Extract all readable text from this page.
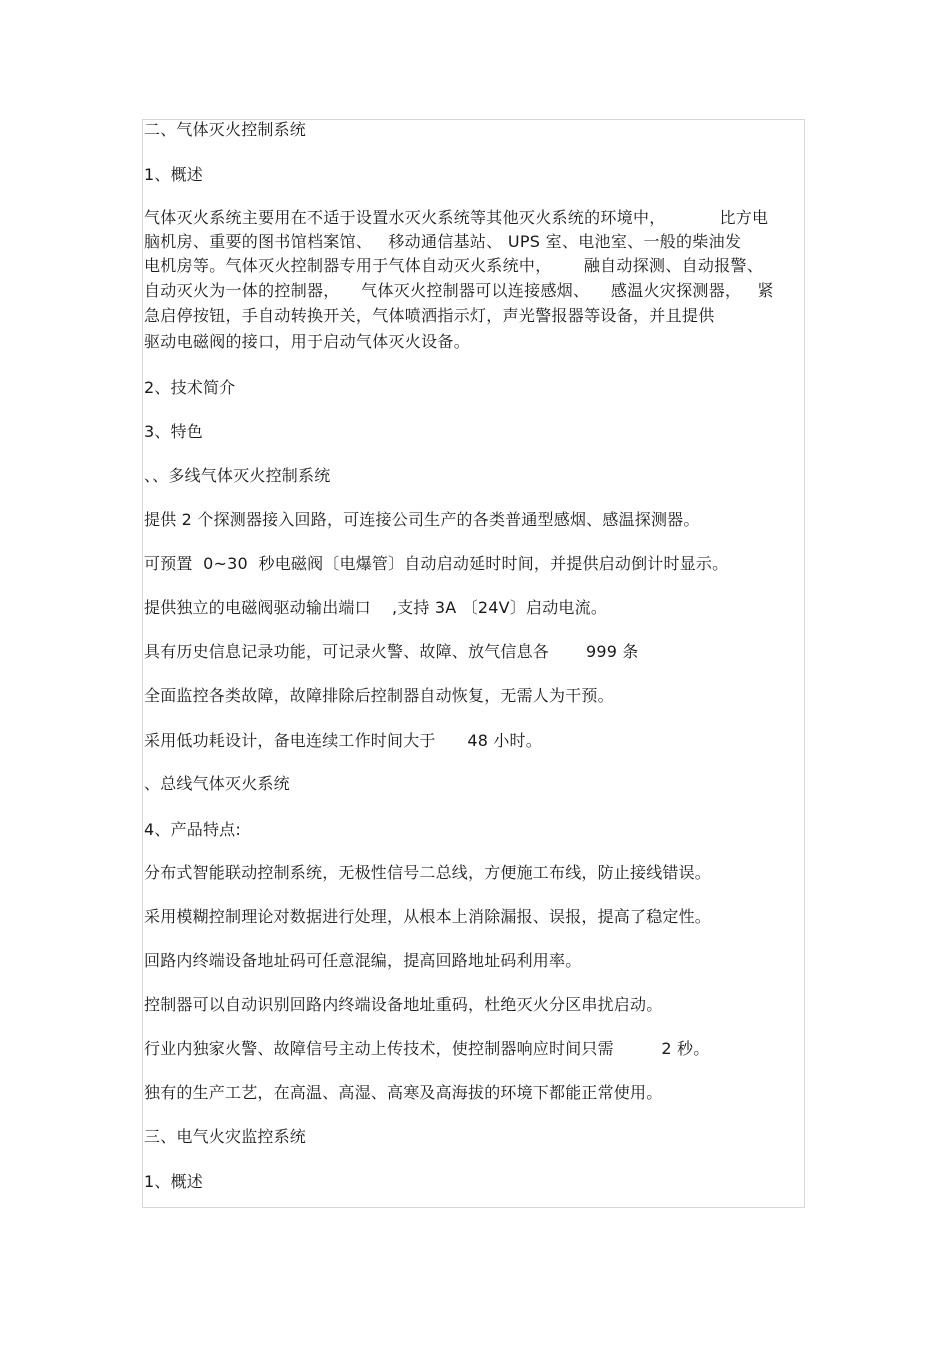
二、气体灭火控制系统
1、概述
气体灭火系统主要用在不适于设置水灭火系统等其他灭火系统的环境中，          比方电
脑机房、重要的图书馆档案馆、   移动通信基站、 UPS 室、电池室、一般的柴油发
电机房等。气体灭火控制器专用于气体自动灭火系统中，      融自动探测、自动报警、
自动灭火为一体的控制器，    气体灭火控制器可以连接感烟、    感温火灾探测器，   紧
急启停按钮，手自动转换开关，气体喷洒指示灯，声光警报器等设备，并且提供
驱动电磁阀的接口，用于启动气体灭火设备。
2、技术简介
3、特色
、、多线气体灭火控制系统
提供 2 个探测器接入回路，可连接公司生产的各类普通型感烟、感温探测器。
可预置  0~30  秒电磁阀〔电爆管〕自动启动延时时间，并提供启动倒计时显示。
提供独立的电磁阀驱动输出端口    ,支持 3A 〔24V〕启动电流。
具有历史信息记录功能，可记录火警、故障、放气信息各       999 条
全面监控各类故障，故障排除后控制器自动恢复，无需人为干预。
采用低功耗设计，备电连续工作时间大于      48 小时。
、总线气体灭火系统
4、产品特点:
分布式智能联动控制系统，无极性信号二总线，方便施工布线，防止接线错误。
采用模糊控制理论对数据进行处理，从根本上消除漏报、误报，提高了稳定性。
回路内终端设备地址码可任意混编，提高回路地址码利用率。
控制器可以自动识别回路内终端设备地址重码，杜绝灭火分区串扰启动。
行业内独家火警、故障信号主动上传技术，使控制器响应时间只需         2 秒。
独有的生产工艺，在高温、高湿、高寒及高海拔的环境下都能正常使用。
三、电气火灾监控系统
1、概述
